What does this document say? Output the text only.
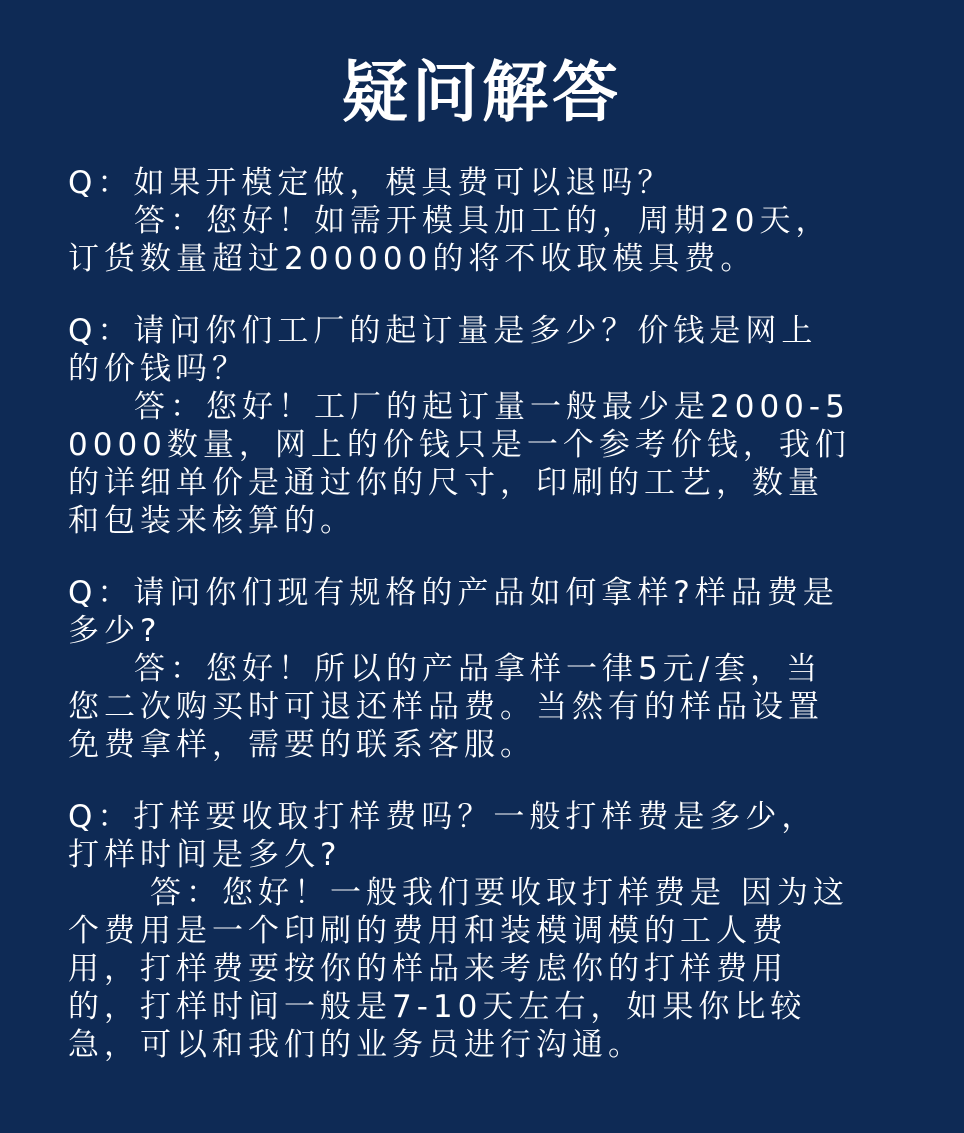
疑问解答
Q：如果开模定做，模具费可以退吗？
答：您好！如需开模具加工的，周期20天，
订货数量超过200000的将不收取模具费。
Q：请问你们工厂的起订量是多少？价钱是网上
的价钱吗？
答：您好！工厂的起订量一般最少是2000-5
0000数量，网上的价钱只是一个参考价钱，我们
的详细单价是通过你的尺寸，印刷的工艺，数量
和包装来核算的。
Q：请问你们现有规格的产品如何拿样?样品费是
多少?
答：您好！所以的产品拿样一律5元/套，当
您二次购买时可退还样品费。当然有的样品设置
免费拿样，需要的联系客服。
Q：打样要收取打样费吗？一般打样费是多少，
打样时间是多久?
答：您好！一般我们要收取打样费是 因为这
个费用是一个印刷的费用和装模调模的工人费
用，打样费要按你的样品来考虑你的打样费用
的，打样时间一般是7-10天左右，如果你比较
急，可以和我们的业务员进行沟通。
